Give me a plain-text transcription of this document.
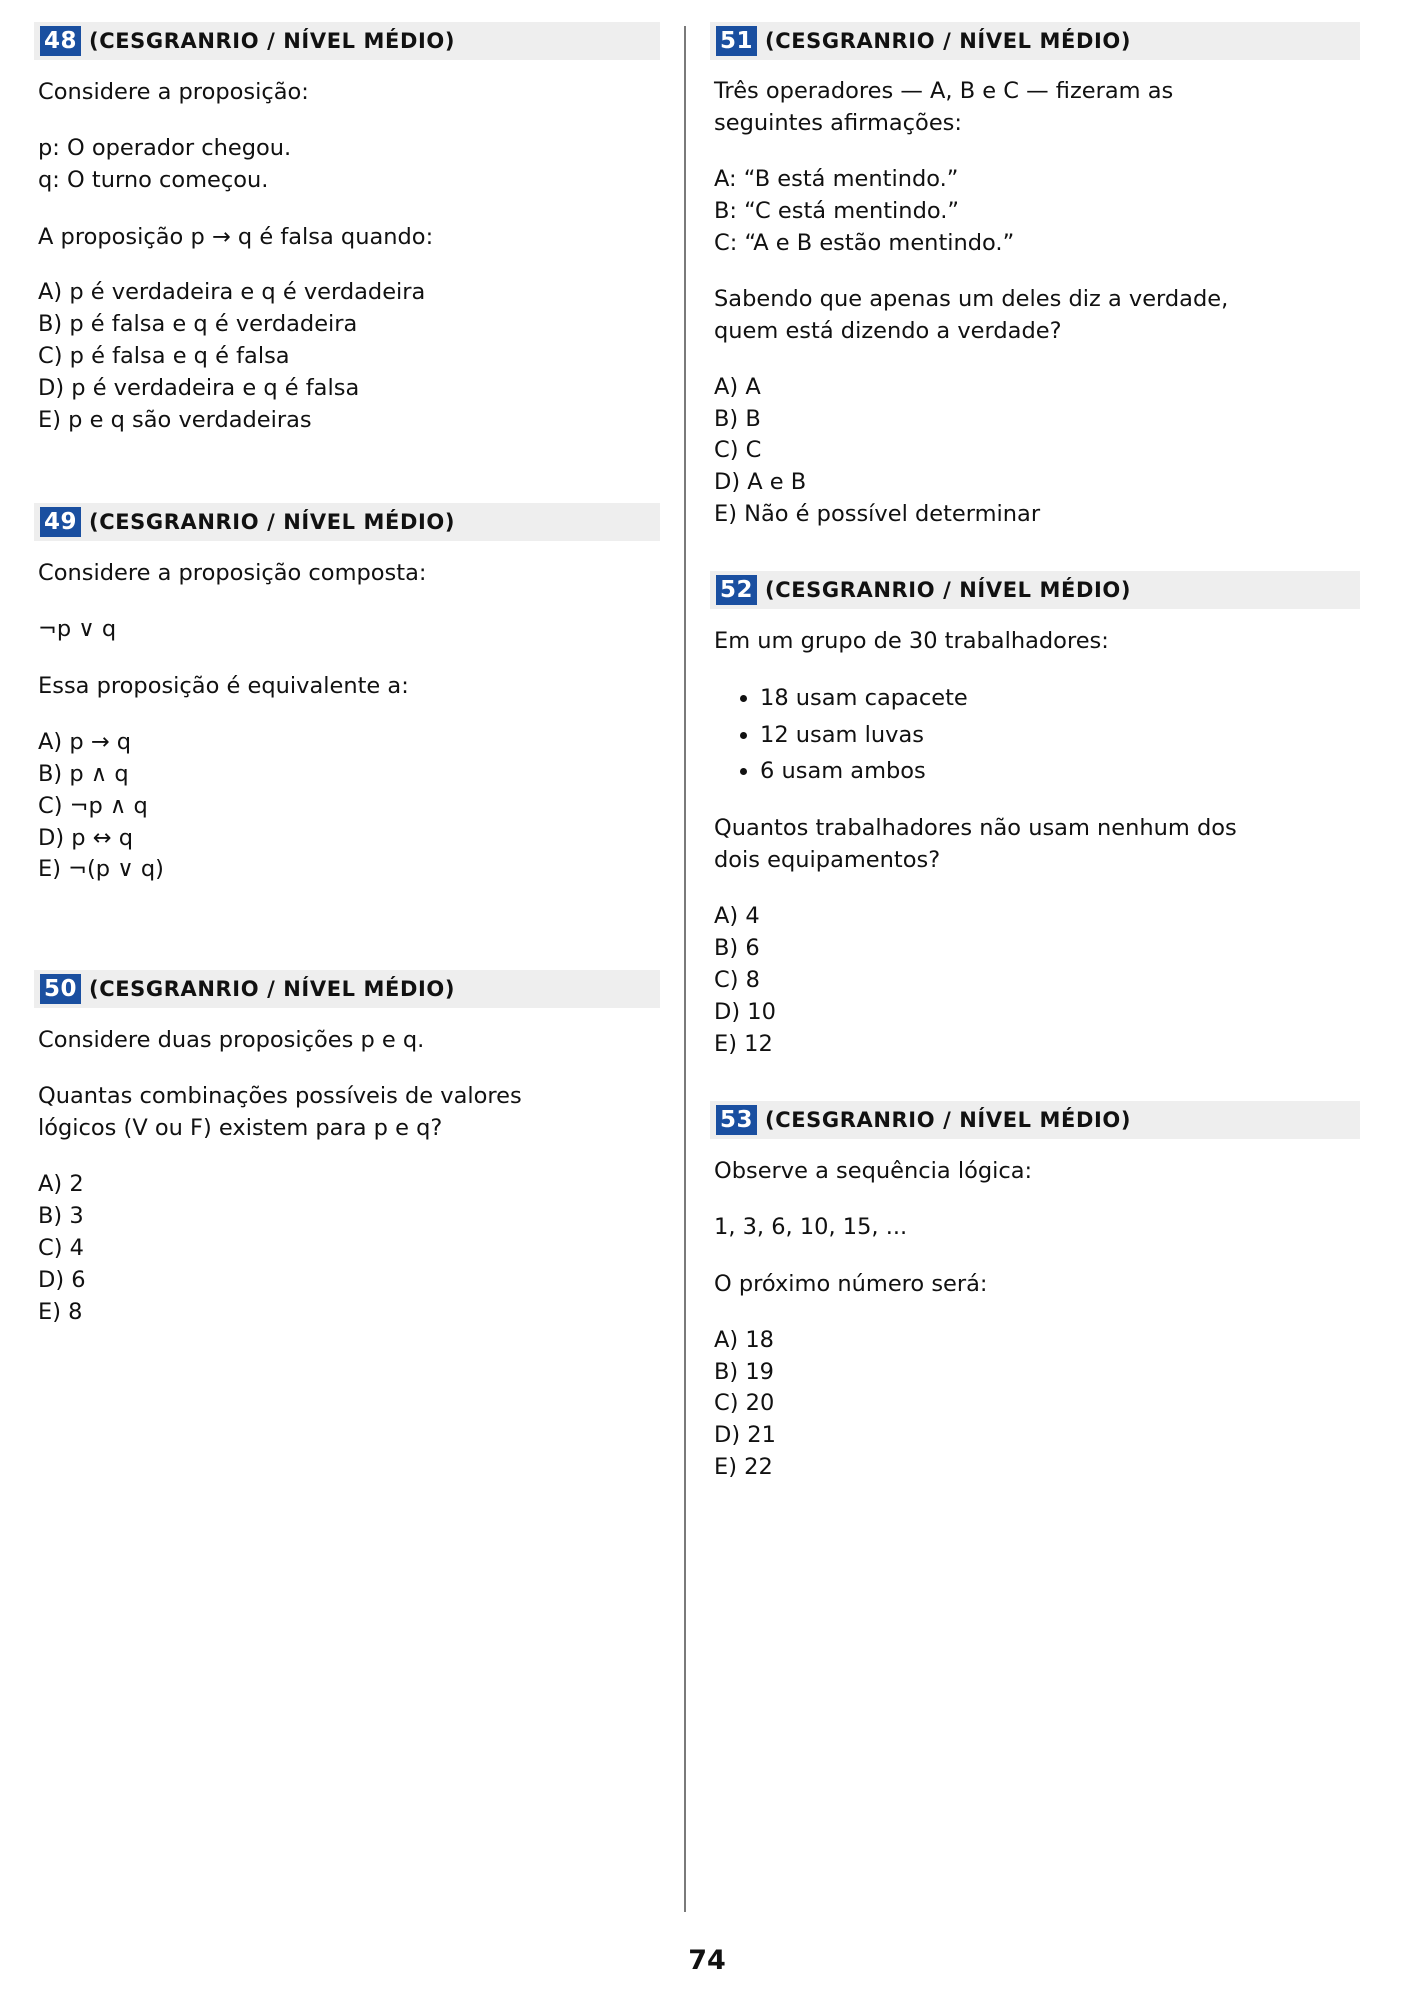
48 (CESGRANRIO / NÍVEL MÉDIO)

Considere a proposição:

p: O operador chegou.
q: O turno começou.

A proposição p → q é falsa quando:

A) p é verdadeira e q é verdadeira
B) p é falsa e q é verdadeira
C) p é falsa e q é falsa
D) p é verdadeira e q é falsa
E) p e q são verdadeiras
49 (CESGRANRIO / NÍVEL MÉDIO)

Considere a proposição composta:

¬p ∨ q

Essa proposição é equivalente a:

A) p → q
B) p ∧ q
C) ¬p ∧ q
D) p ↔ q
E) ¬(p ∨ q)
50 (CESGRANRIO / NÍVEL MÉDIO)

Considere duas proposições p e q.

Quantas combinações possíveis de valores
lógicos (V ou F) existem para p e q?
A) 2
B) 3
C) 4
D) 6
E) 8
51 (CESGRANRIO / NÍVEL MÉDIO)
Três operadores — A, B e C — fizeram as
seguintes afirmações:
A: “B está mentindo.”
B: “C está mentindo.”
C: “A e B estão mentindo.”
Sabendo que apenas um deles diz a verdade,
quem está dizendo a verdade?
A) A
B) B
C) C
D) A e B
E) Não é possível determinar
52 (CESGRANRIO / NÍVEL MÉDIO)

Em um grupo de 30 trabalhadores:

• 18 usam capacete
• 12 usam luvas
• 6 usam ambos
Quantos trabalhadores não usam nenhum dos
dois equipamentos?
A) 4
B) 6
C) 8
D) 10
E) 12
53 (CESGRANRIO / NÍVEL MÉDIO)

Observe a sequência lógica:

1, 3, 6, 10, 15, ...

O próximo número será:

A) 18
B) 19
C) 20
D) 21
E) 22
74
